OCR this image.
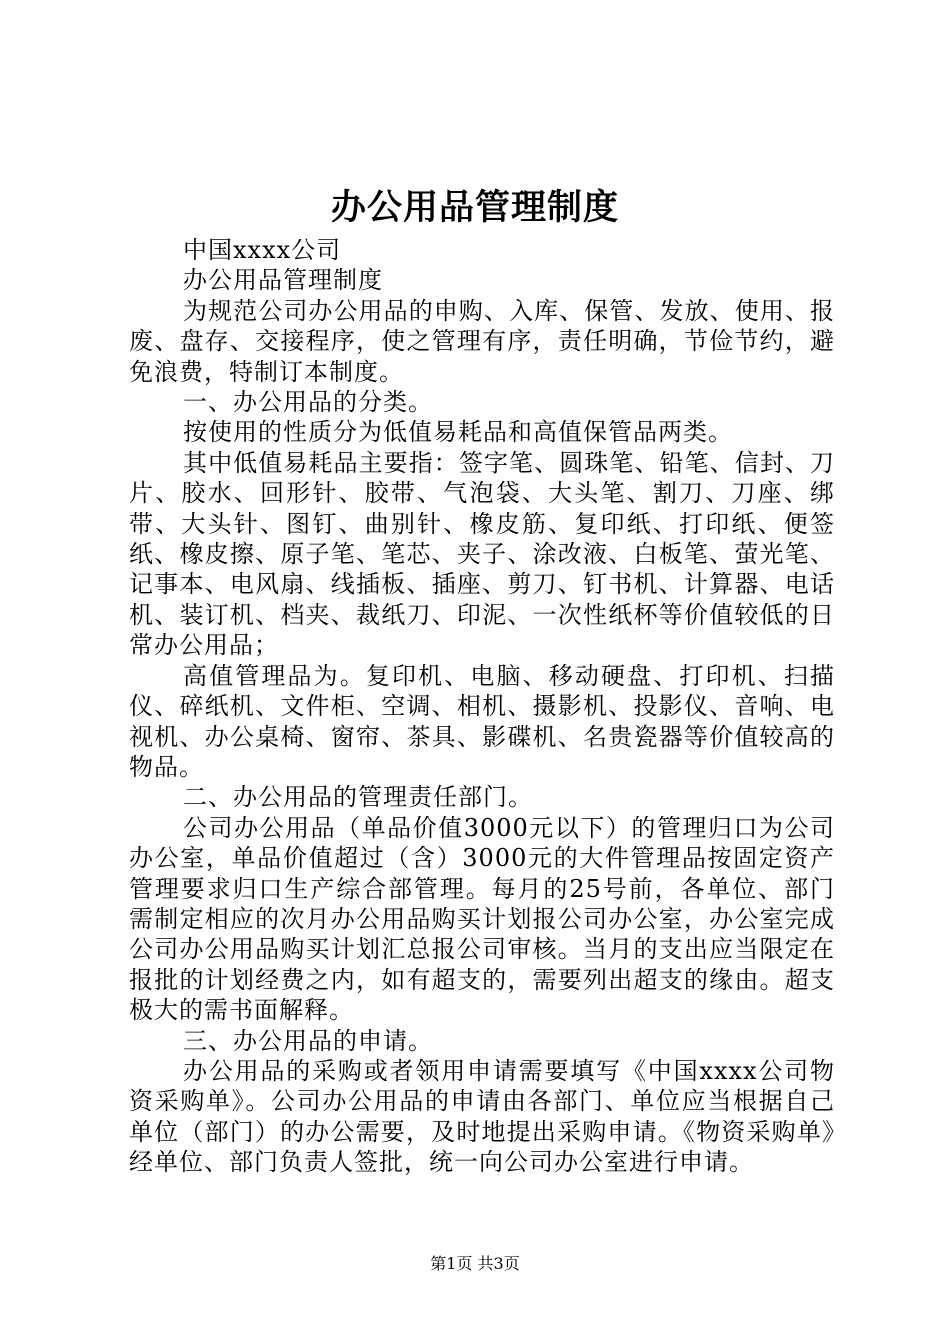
办公用品管理制度

中国xxxx公司

办公用品管理制度

为规范公司办公用品的申购、入库、保管、发放、使用、报废、盘存、交接程序，使之管理有序，责任明确，节俭节约，避免浪费，特制订本制度。

一、办公用品的分类。

按使用的性质分为低值易耗品和高值保管品两类。

其中低值易耗品主要指：签字笔、圆珠笔、铅笔、信封、刀片、胶水、回形针、胶带、气泡袋、大头笔、割刀、刀座、绑带、大头针、图钉、曲别针、橡皮筋、复印纸、打印纸、便签纸、橡皮擦、原子笔、笔芯、夹子、涂改液、白板笔、萤光笔、记事本、电风扇、线插板、插座、剪刀、钉书机、计算器、电话机、装订机、档夹、裁纸刀、印泥、一次性纸杯等价值较低的日常办公用品；

高值管理品为。复印机、电脑、移动硬盘、打印机、扫描仪、碎纸机、文件柜、空调、相机、摄影机、投影仪、音响、电视机、办公桌椅、窗帘、茶具、影碟机、名贵瓷器等价值较高的物品。

二、办公用品的管理责任部门。

公司办公用品（单品价值3000元以下）的管理归口为公司办公室，单品价值超过（含）3000元的大件管理品按固定资产管理要求归口生产综合部管理。每月的25号前，各单位、部门需制定相应的次月办公用品购买计划报公司办公室，办公室完成公司办公用品购买计划汇总报公司审核。当月的支出应当限定在报批的计划经费之内，如有超支的，需要列出超支的缘由。超支极大的需书面解释。

三、办公用品的申请。

办公用品的采购或者领用申请需要填写《中国xxxx公司物资采购单》。公司办公用品的申请由各部门、单位应当根据自己单位（部门）的办公需要，及时地提出采购申请。《物资采购单》经单位、部门负责人签批，统一向公司办公室进行申请。

第1页 共3页
